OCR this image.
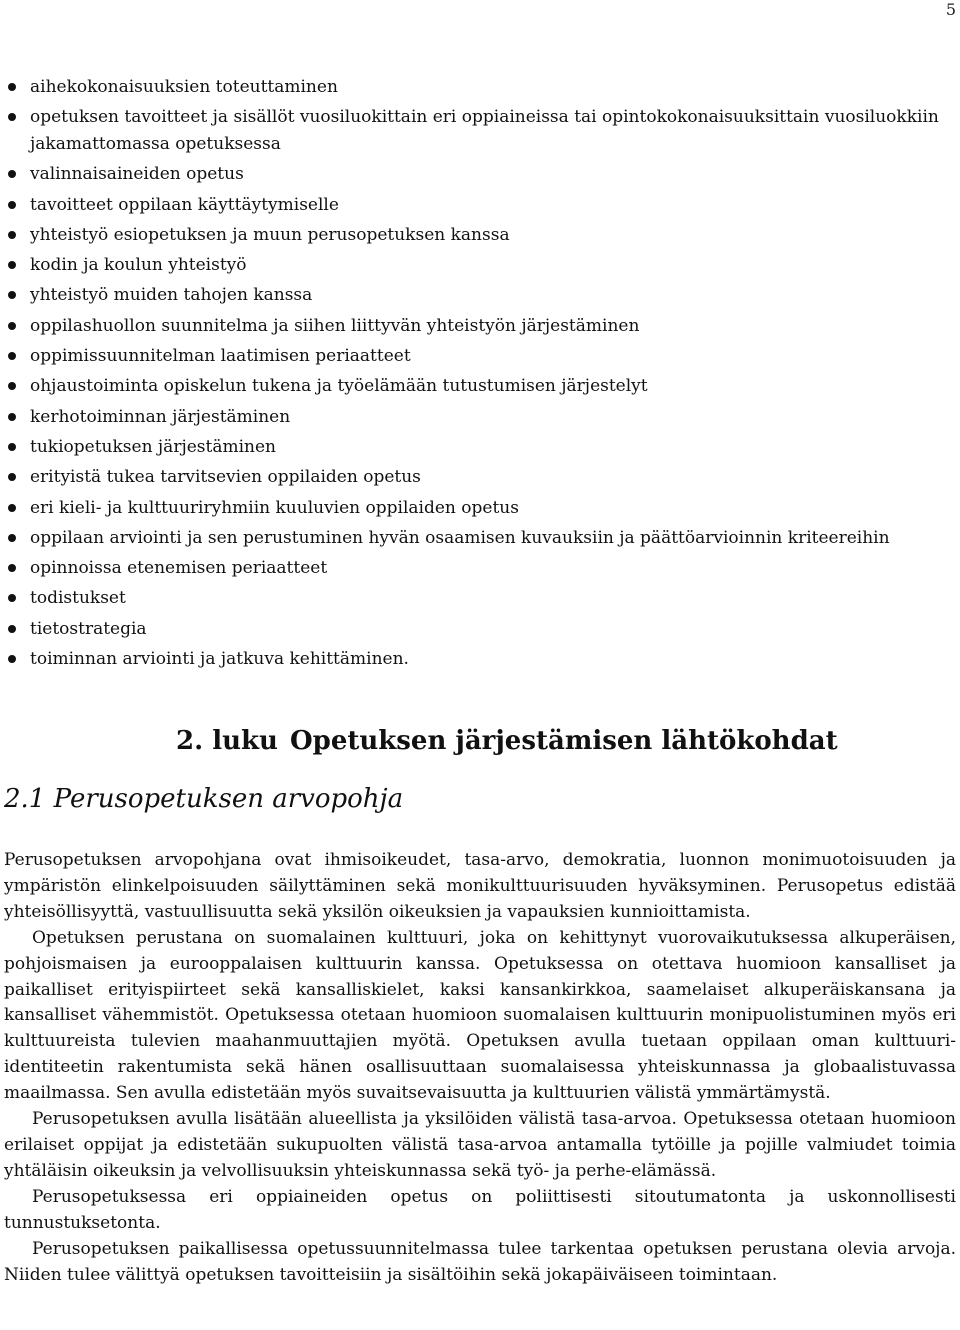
5
aihekokonaisuuksien toteuttaminen
opetuksen tavoitteet ja sisällöt vuosiluokittain eri oppiaineissa tai opintokokonaisuuksittain vuosiluokkiin jakamattomassa opetuksessa
valinnaisaineiden opetus
tavoitteet oppilaan käyttäytymiselle
yhteistyö esiopetuksen ja muun perusopetuksen kanssa
kodin ja koulun yhteistyö
yhteistyö muiden tahojen kanssa
oppilashuollon suunnitelma ja siihen liittyvän yhteistyön järjestäminen
oppimissuunnitelman laatimisen periaatteet
ohjaustoiminta opiskelun tukena ja työelämään tutustumisen järjestelyt
kerhotoiminnan järjestäminen
tukiopetuksen järjestäminen
erityistä tukea tarvitsevien oppilaiden opetus
eri kieli- ja kulttuuriryhmiin kuuluvien oppilaiden opetus
oppilaan arviointi ja sen perustuminen hyvän osaamisen kuvauksiin ja päättöarvioinnin kriteereihin
opinnoissa etenemisen periaatteet
todistukset
tietostrategia
toiminnan arviointi ja jatkuva kehittäminen.
2. luku Opetuksen järjestämisen lähtökohdat
2.1 Perusopetuksen arvopohja

Perusopetuksen arvopohjana ovat ihmisoikeudet, tasa-arvo, demokratia, luonnon monimuotoisuuden ja ympäristön elinkelpoisuuden säilyttäminen sekä monikulttuurisuuden hyväksyminen. Perusopetus edistää yhteisöllisyyttä, vastuullisuutta sekä yksilön oikeuksien ja vapauksien kunnioittamista.

Opetuksen perustana on suomalainen kulttuuri, joka on kehittynyt vuorovaikutuksessa alkuperäisen, pohjoismaisen ja eurooppalaisen kulttuurin kanssa. Opetuksessa on otettava huomioon kansalliset ja paikalliset erityispiirteet sekä kansalliskielet, kaksi kansankirkkoa, saamelaiset alkuperäiskansana ja kansalliset vähemmistöt. Opetuksessa otetaan huomioon suomalaisen kulttuurin monipuolistuminen myös eri kulttuureista tulevien maahanmuuttajien myötä. Opetuksen avulla tuetaan oppilaan oman kulttuuri-identiteetin rakentumista sekä hänen osallisuuttaan suomalaisessa yhteiskunnassa ja globaalistuvassa maailmassa. Sen avulla edistetään myös suvaitsevaisuutta ja kulttuurien välistä ymmärtämystä.

Perusopetuksen avulla lisätään alueellista ja yksilöiden välistä tasa-arvoa. Opetuksessa otetaan huomioon erilaiset oppijat ja edistetään sukupuolten välistä tasa-arvoa antamalla tytöille ja pojille valmiudet toimia yhtäläisin oikeuksin ja velvollisuuksin yhteiskunnassa sekä työ- ja perhe-elämässä.

Perusopetuksessa eri oppiaineiden opetus on poliittisesti sitoutumatonta ja uskonnollisesti tunnustuksetonta.

Perusopetuksen paikallisessa opetussuunnitelmassa tulee tarkentaa opetuksen perustana olevia arvoja. Niiden tulee välittyä opetuksen tavoitteisiin ja sisältöihin sekä jokapäiväiseen toimintaan.
